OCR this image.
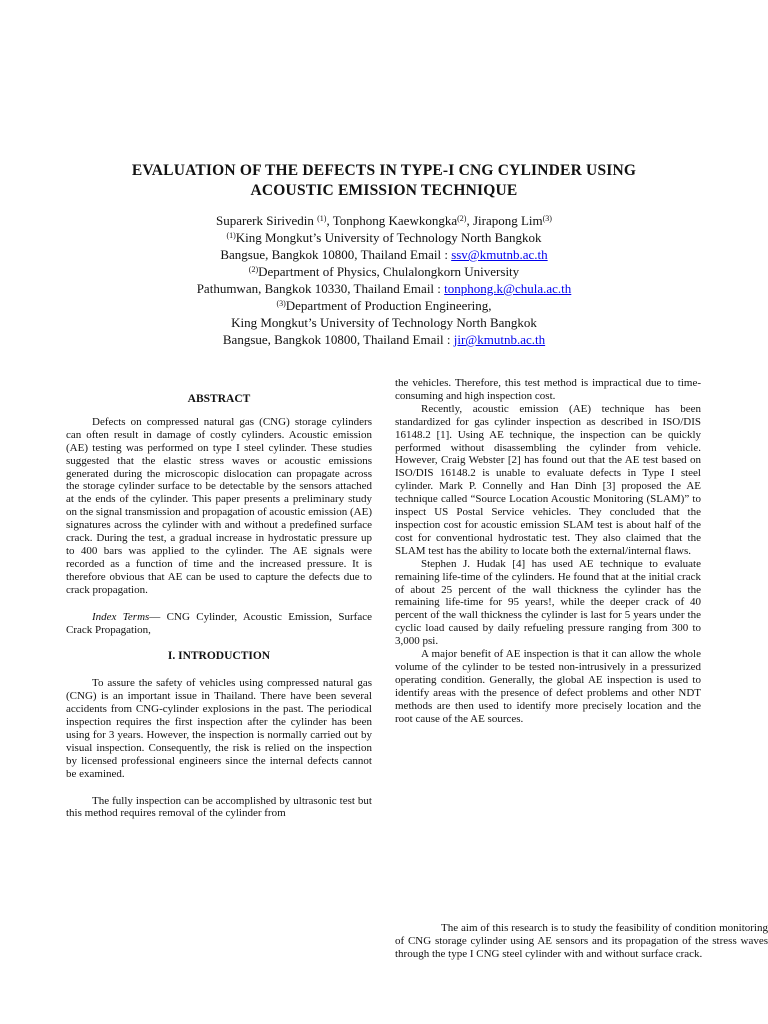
EVALUATION OF THE DEFECTS IN TYPE-I CNG CYLINDER USING
ACOUSTIC EMISSION TECHNIQUE
Suparerk Sirivedin $^{(1)}$, Tonphong Kaewkongka$^{(2)}$, Jirapong Lim$^{(3)}$
$^{(1)}$King Mongkut’s University of Technology North Bangkok
Bangsue, Bangkok 10800, Thailand Email : ssv@kmutnb.ac.th
$^{(2)}$Department of Physics, Chulalongkorn University
Pathumwan, Bangkok 10330, Thailand Email : tonphong.k@chula.ac.th
$^{(3)}$Department of Production Engineering,
King Mongkut’s University of Technology North Bangkok
Bangsue, Bangkok 10800, Thailand Email : jir@kmutnb.ac.th

ABSTRACT

Defects on compressed natural gas (CNG) storage cylinders can often result in damage of costly cylinders. Acoustic emission (AE) testing was performed on type I steel cylinder. These studies suggested that the elastic stress waves or acoustic emissions generated during the microscopic dislocation can propagate across the storage cylinder surface to be detectable by the sensors attached at the ends of the cylinder. This paper presents a preliminary study on the signal transmission and propagation of acoustic emission (AE) signatures across the cylinder with and without a predefined surface crack. During the test, a gradual increase in hydrostatic pressure up to 400 bars was applied to the cylinder. The AE signals were recorded as a function of time and the increased pressure. It is therefore obvious that AE can be used to capture the defects due to crack propagation.

Index Terms— CNG Cylinder, Acoustic Emission, Surface Crack Propagation,

I. INTRODUCTION

To assure the safety of vehicles using compressed natural gas (CNG) is an important issue in Thailand. There have been several accidents from CNG-cylinder explosions in the past. The periodical inspection requires the first inspection after the cylinder has been using for 3 years. However, the inspection is normally carried out by visual inspection. Consequently, the risk is relied on the inspection by licensed professional engineers since the internal defects cannot be examined.

The fully inspection can be accomplished by ultrasonic test but this method requires removal of the cylinder from

the vehicles. Therefore, this test method is impractical due to time-consuming and high inspection cost.

Recently, acoustic emission (AE) technique has been standardized for gas cylinder inspection as described in ISO/DIS 16148.2 [1]. Using AE technique, the inspection can be quickly performed without disassembling the cylinder from vehicle. However, Craig Webster [2] has found out that the AE test based on ISO/DIS 16148.2 is unable to evaluate defects in Type I steel cylinder. Mark P. Connelly and Han Dinh [3] proposed the AE technique called “Source Location Acoustic Monitoring (SLAM)” to inspect US Postal Service vehicles. They concluded that the inspection cost for acoustic emission SLAM test is about half of the cost for conventional hydrostatic test. They also claimed that the SLAM test has the ability to locate both the external/internal flaws.

Stephen J. Hudak [4] has used AE technique to evaluate remaining life-time of the cylinders. He found that at the initial crack of about 25 percent of the wall thickness the cylinder has the remaining life-time for 95 years!, while the deeper crack of 40 percent of the wall thickness the cylinder is last for 5 years under the cyclic load caused by daily refueling pressure ranging from 300 to 3,000 psi.

A major benefit of AE inspection is that it can allow the whole volume of the cylinder to be tested non-intrusively in a pressurized operating condition. Generally, the global AE inspection is used to identify areas with the presence of defect problems and other NDT methods are then used to identify more precisely location and the root cause of the AE sources.

The aim of this research is to study the feasibility of condition monitoring of CNG storage cylinder using AE sensors and its propagation of the stress waves through the type I CNG steel cylinder with and without surface crack.
